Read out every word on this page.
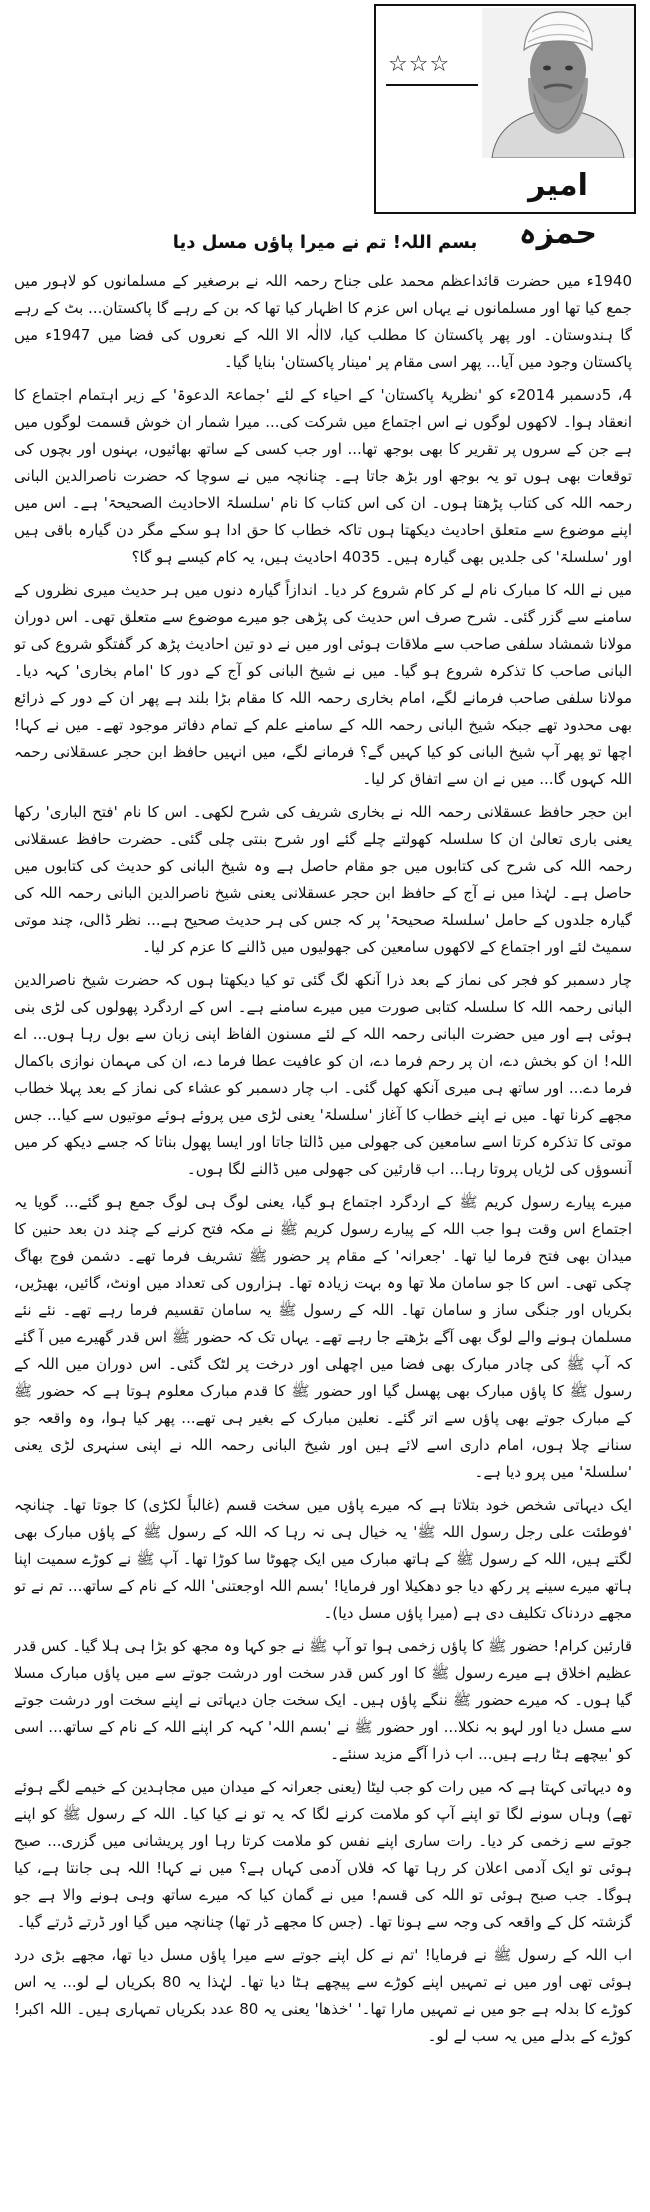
☆☆☆
امیر حمزہ
بسم اللہ! تم نے میرا پاؤں مسل دیا

1940ء میں حضرت قائداعظم محمد علی جناح رحمہ اللہ نے برصغیر کے مسلمانوں کو لاہور میں جمع کیا تھا اور مسلمانوں نے یہاں اس عزم کا اظہار کیا تھا کہ بن کے رہے گا پاکستان... بٹ کے رہے گا ہندوستان۔ اور پھر پاکستان کا مطلب کیا، لاالٰہ الا اللہ کے نعروں کی فضا میں 1947ء میں پاکستان وجود میں آیا... پھر اسی مقام پر 'مینار پاکستان' بنایا گیا۔

4، 5دسمبر 2014ء کو 'نظریۂ پاکستان' کے احیاء کے لئے 'جماعۃ الدعوۃ' کے زیر اہتمام اجتماع کا انعقاد ہوا۔ لاکھوں لوگوں نے اس اجتماع میں شرکت کی... میرا شمار ان خوش قسمت لوگوں میں ہے جن کے سروں پر تقریر کا بھی بوجھ تھا... اور جب کسی کے ساتھ بھائیوں، بہنوں اور بچوں کی توقعات بھی ہوں تو یہ بوجھ اور بڑھ جاتا ہے۔ چنانچہ میں نے سوچا کہ حضرت ناصرالدین البانی رحمہ اللہ کی کتاب پڑھتا ہوں۔ ان کی اس کتاب کا نام 'سلسلۃ الاحادیث الصحیحۃ' ہے۔ اس میں اپنے موضوع سے متعلق احادیث دیکھتا ہوں تاکہ خطاب کا حق ادا ہو سکے مگر دن گیارہ باقی ہیں اور 'سلسلۃ' کی جلدیں بھی گیارہ ہیں۔ 4035 احادیث ہیں، یہ کام کیسے ہو گا؟

میں نے اللہ کا مبارک نام لے کر کام شروع کر دیا۔ اندازاً گیارہ دنوں میں ہر حدیث میری نظروں کے سامنے سے گزر گئی۔ شرح صرف اس حدیث کی پڑھی جو میرے موضوع سے متعلق تھی۔ اس دوران مولانا شمشاد سلفی صاحب سے ملاقات ہوئی اور میں نے دو تین احادیث پڑھ کر گفتگو شروع کی تو البانی صاحب کا تذکرہ شروع ہو گیا۔ میں نے شیخ البانی کو آج کے دور کا 'امام بخاری' کہہ دیا۔ مولانا سلفی صاحب فرمانے لگے، امام بخاری رحمہ اللہ کا مقام بڑا بلند ہے پھر ان کے دور کے ذرائع بھی محدود تھے جبکہ شیخ البانی رحمہ اللہ کے سامنے علم کے تمام دفاتر موجود تھے۔ میں نے کہا! اچھا تو پھر آپ شیخ البانی کو کیا کہیں گے؟ فرمانے لگے، میں انہیں حافظ ابن حجر عسقلانی رحمہ اللہ کہوں گا... میں نے ان سے اتفاق کر لیا۔

ابن حجر حافظ عسقلانی رحمہ اللہ نے بخاری شریف کی شرح لکھی۔ اس کا نام 'فتح الباری' رکھا یعنی باری تعالیٰ ان کا سلسلہ کھولتے چلے گئے اور شرح بنتی چلی گئی۔ حضرت حافظ عسقلانی رحمہ اللہ کی شرح کی کتابوں میں جو مقام حاصل ہے وہ شیخ البانی کو حدیث کی کتابوں میں حاصل ہے۔ لہٰذا میں نے آج کے حافظ ابن حجر عسقلانی یعنی شیخ ناصرالدین البانی رحمہ اللہ کی گیارہ جلدوں کے حامل 'سلسلۃ صحیحۃ' پر کہ جس کی ہر حدیث صحیح ہے... نظر ڈالی، چند موتی سمیٹ لئے اور اجتماع کے لاکھوں سامعین کی جھولیوں میں ڈالنے کا عزم کر لیا۔

چار دسمبر کو فجر کی نماز کے بعد ذرا آنکھ لگ گئی تو کیا دیکھتا ہوں کہ حضرت شیخ ناصرالدین البانی رحمہ اللہ کا سلسلہ کتابی صورت میں میرے سامنے ہے۔ اس کے اردگرد پھولوں کی لڑی بنی ہوئی ہے اور میں حضرت البانی رحمہ اللہ کے لئے مسنون الفاظ اپنی زبان سے بول رہا ہوں... اے اللہ! ان کو بخش دے، ان پر رحم فرما دے، ان کو عافیت عطا فرما دے، ان کی مہمان نوازی باکمال فرما دے... اور ساتھ ہی میری آنکھ کھل گئی۔ اب چار دسمبر کو عشاء کی نماز کے بعد پہلا خطاب مجھے کرنا تھا۔ میں نے اپنے خطاب کا آغاز 'سلسلۃ' یعنی لڑی میں پروئے ہوئے موتیوں سے کیا... جس موتی کا تذکرہ کرتا اسے سامعین کی جھولی میں ڈالتا جاتا اور ایسا پھول بناتا کہ جسے دیکھ کر میں آنسوؤں کی لڑیاں پروتا رہا... اب قارئین کی جھولی میں ڈالنے لگا ہوں۔

میرے پیارے رسول کریم ﷺ کے اردگرد اجتماع ہو گیا، یعنی لوگ ہی لوگ جمع ہو گئے... گویا یہ اجتماع اس وقت ہوا جب اللہ کے پیارے رسول کریم ﷺ نے مکہ فتح کرنے کے چند دن بعد حنین کا میدان بھی فتح فرما لیا تھا۔ 'جعرانہ' کے مقام پر حضور ﷺ تشریف فرما تھے۔ دشمن فوج بھاگ چکی تھی۔ اس کا جو سامان ملا تھا وہ بہت زیادہ تھا۔ ہزاروں کی تعداد میں اونٹ، گائیں، بھیڑیں، بکریاں اور جنگی ساز و سامان تھا۔ اللہ کے رسول ﷺ یہ سامان تقسیم فرما رہے تھے۔ نئے نئے مسلمان ہونے والے لوگ بھی آگے بڑھتے جا رہے تھے۔ یہاں تک کہ حضور ﷺ اس قدر گھیرے میں آ گئے کہ آپ ﷺ کی چادر مبارک بھی فضا میں اچھلی اور درخت پر لٹک گئی۔ اس دوران میں اللہ کے رسول ﷺ کا پاؤں مبارک بھی پھسل گیا اور حضور ﷺ کا قدم مبارک معلوم ہوتا ہے کہ حضور ﷺ کے مبارک جوتے بھی پاؤں سے اتر گئے۔ نعلین مبارک کے بغیر ہی تھے... پھر کیا ہوا، وہ واقعہ جو سنانے چلا ہوں، امام داری اسے لائے ہیں اور شیخ البانی رحمہ اللہ نے اپنی سنہری لڑی یعنی 'سلسلۃ' میں پرو دیا ہے۔

ایک دیہاتی شخص خود بتلاتا ہے کہ میرے پاؤں میں سخت قسم (غالباً لکڑی) کا جوتا تھا۔ چنانچہ 'فوطئت علی رجل رسول اللہ ﷺ' یہ خیال ہی نہ رہا کہ اللہ کے رسول ﷺ کے پاؤں مبارک بھی لگتے ہیں، اللہ کے رسول ﷺ کے ہاتھ مبارک میں ایک چھوٹا سا کوڑا تھا۔ آپ ﷺ نے کوڑے سمیت اپنا ہاتھ میرے سینے پر رکھ دیا جو دھکیلا اور فرمایا! 'بسم اللہ اوجعتنی' اللہ کے نام کے ساتھ... تم نے تو مجھے دردناک تکلیف دی ہے (میرا پاؤں مسل دیا)۔

قارئین کرام! حضور ﷺ کا پاؤں زخمی ہوا تو آپ ﷺ نے جو کہا وہ مجھ کو بڑا ہی ہلا گیا۔ کس قدر عظیم اخلاق ہے میرے رسول ﷺ کا اور کس قدر سخت اور درشت جوتے سے میں پاؤں مبارک مسلا گیا ہوں۔ کہ میرے حضور ﷺ ننگے پاؤں ہیں۔ ایک سخت جان دیہاتی نے اپنے سخت اور درشت جوتے سے مسل دیا اور لہو بہ نکلا... اور حضور ﷺ نے 'بسم اللہ' کہہ کر اپنے اللہ کے نام کے ساتھ... اسی کو 'بیچھے ہٹا رہے ہیں... اب ذرا آگے مزید سنئے۔

وہ دیہاتی کہتا ہے کہ میں رات کو جب لیٹا (یعنی جعرانہ کے میدان میں مجاہدین کے خیمے لگے ہوئے تھے) وہاں سونے لگا تو اپنے آپ کو ملامت کرنے لگا کہ یہ تو نے کیا کیا۔ اللہ کے رسول ﷺ کو اپنے جوتے سے زخمی کر دیا۔ رات ساری اپنے نفس کو ملامت کرتا رہا اور پریشانی میں گزری... صبح ہوئی تو ایک آدمی اعلان کر رہا تھا کہ فلاں آدمی کہاں ہے؟ میں نے کہا! اللہ ہی جانتا ہے، کیا ہوگا۔ جب صبح ہوئی تو اللہ کی قسم! میں نے گمان کیا کہ میرے ساتھ وہی ہونے والا ہے جو گزشتہ کل کے واقعہ کی وجہ سے ہونا تھا۔ (جس کا مجھے ڈر تھا) چنانچہ میں گیا اور ڈرتے ڈرتے گیا۔

اب اللہ کے رسول ﷺ نے فرمایا! 'تم نے کل اپنے جوتے سے میرا پاؤں مسل دیا تھا، مجھے بڑی درد ہوئی تھی اور میں نے تمہیں اپنے کوڑے سے پیچھے ہٹا دیا تھا۔ لہٰذا یہ 80 بکریاں لے لو... یہ اس کوڑے کا بدلہ ہے جو میں نے تمہیں مارا تھا۔' 'خذها' یعنی یہ 80 عدد بکریاں تمہاری ہیں۔ اللہ اکبر! کوڑے کے بدلے میں یہ سب لے لو۔
